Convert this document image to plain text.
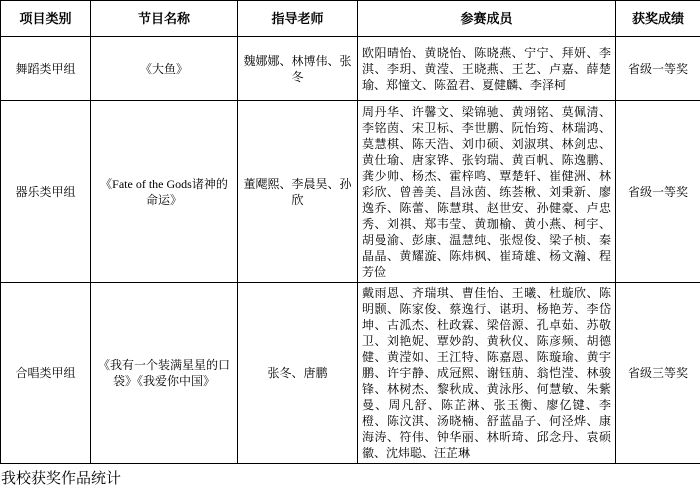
项目类别	节目名称	指导老师	参赛成员	获奖成绩
舞蹈类甲组	《大鱼》	魏娜娜、林博伟、张冬	欧阳晴怡、黄晓怡、陈晓燕、宁宁、拜妍、李淇、李玥、黄滢、王晓燕、王艺、卢嘉、薛楚瑜、郑憧文、陈盈君、夏健麟、李泽柯	省级一等奖
器乐类甲组	《Fate of the Gods诸神的命运》	董飔熙、李晨昊、孙欣	周丹华、许馨文、梁锦驰、黄翊铭、莫佩清、李铭茵、宋卫标、李世鹏、阮怡筠、林瑞鸿、莫慧棋、陈天浩、刘巾硕、刘淑琪、林剑忠、黄仕瑜、唐家铧、张钧瑞、黄百帆、陈逸鹏、龚少帅、杨杰、霍梓鸣、覃楚轩、崔健洲、林彩欣、曾善美、昌泳茵、练荟楸、刘秉新、廖逸乔、陈蕾、陈慧琪、赵世安、孙健豪、卢忠秀、刘祺、郑韦莹、黄珈榆、黄小燕、柯宇、胡曼渝、彭康、温慧纯、张煜俊、梁子桢、秦晶晶、黄耀漩、陈炜枫、崔琦雄、杨文瀚、程芳俭	省级一等奖
合唱类甲组	《我有一个装满星星的口袋》《我爱你中国》	张冬、唐鹏	戴雨恩、齐瑞琪、曹佳怡、王曦、杜璇欣、陈明颢、陈家俊、蔡逸行、谌玥、杨艳芳、李岱坤、古泒杰、杜政霖、梁倍源、孔卓茹、苏敬卫、刘艳妮、覃妙韵、黄秋仪、陈彦频、胡德健、黄滢如、王江特、陈嘉恩、陈璇瑜、黄宇鹏、许宇静、成冠熙、谢钰萠、翁恺滢、林骏锋、林树杰、黎秋成、黄泳彤、何慧敏、朱紫曼、周凡舒、陈芷淋、张玉衡、廖亿键、李橙、陈汶淇、汤晓楠、舒蓝晶子、何泾烨、康海涛、符伟、钟华丽、林昕琦、邱念丹、袁硕徽、沈炜聪、汪芷琳	省级三等奖
我校获奖作品统计
